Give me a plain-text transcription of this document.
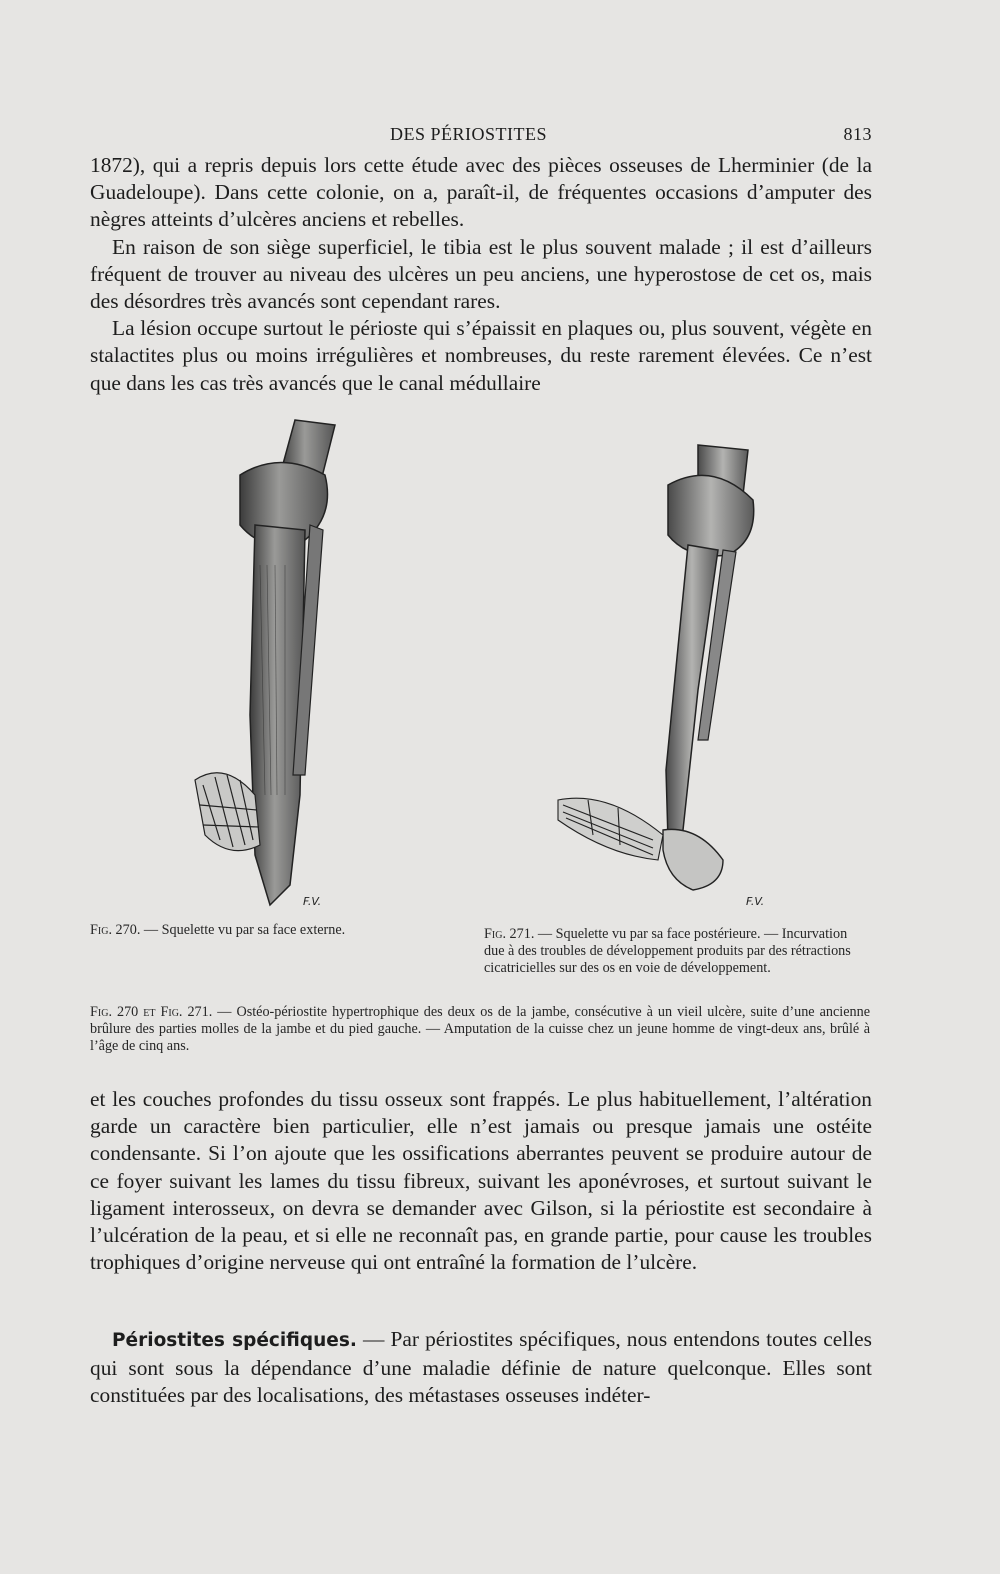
DES PÉRIOSTITES	813

1872), qui a repris depuis lors cette étude avec des pièces osseuses de Lherminier (de la Guadeloupe). Dans cette colonie, on a, paraît-il, de fréquentes occasions d’amputer des nègres atteints d’ulcères anciens et rebelles.

En raison de son siège superficiel, le tibia est le plus souvent malade ; il est d’ailleurs fréquent de trouver au niveau des ulcères un peu anciens, une hyperostose de cet os, mais des désordres très avancés sont cependant rares.

La lésion occupe surtout le périoste qui s’épaissit en plaques ou, plus souvent, végète en stalactites plus ou moins irrégulières et nombreuses, du reste rarement élevées. Ce n’est que dans les cas très avancés que le canal médullaire

F.V.	F.V.
Fig. 270. — Squelette vu par sa face externe.	Fig. 271. — Squelette vu par sa face postérieure. — Incurvation due à des troubles de développement produits par des rétractions cicatricielles sur des os en voie de développement.
Fig. 270 et Fig. 271. — Ostéo-périostite hypertrophique des deux os de la jambe, consécutive à un vieil ulcère, suite d’une ancienne brûlure des parties molles de la jambe et du pied gauche. — Amputation de la cuisse chez un jeune homme de vingt-deux ans, brûlé à l’âge de cinq ans.

et les couches profondes du tissu osseux sont frappés. Le plus habituellement, l’altération garde un caractère bien particulier, elle n’est jamais ou presque jamais une ostéite condensante. Si l’on ajoute que les ossifications aberrantes peuvent se produire autour de ce foyer suivant les lames du tissu fibreux, suivant les aponévroses, et surtout suivant le ligament interosseux, on devra se demander avec Gilson, si la périostite est secondaire à l’ulcération de la peau, et si elle ne reconnaît pas, en grande partie, pour cause les troubles trophiques d’origine nerveuse qui ont entraîné la formation de l’ulcère.

Périostites spécifiques. — Par périostites spécifiques, nous entendons toutes celles qui sont sous la dépendance d’une maladie définie de nature quelconque. Elles sont constituées par des localisations, des métastases osseuses indéter-
